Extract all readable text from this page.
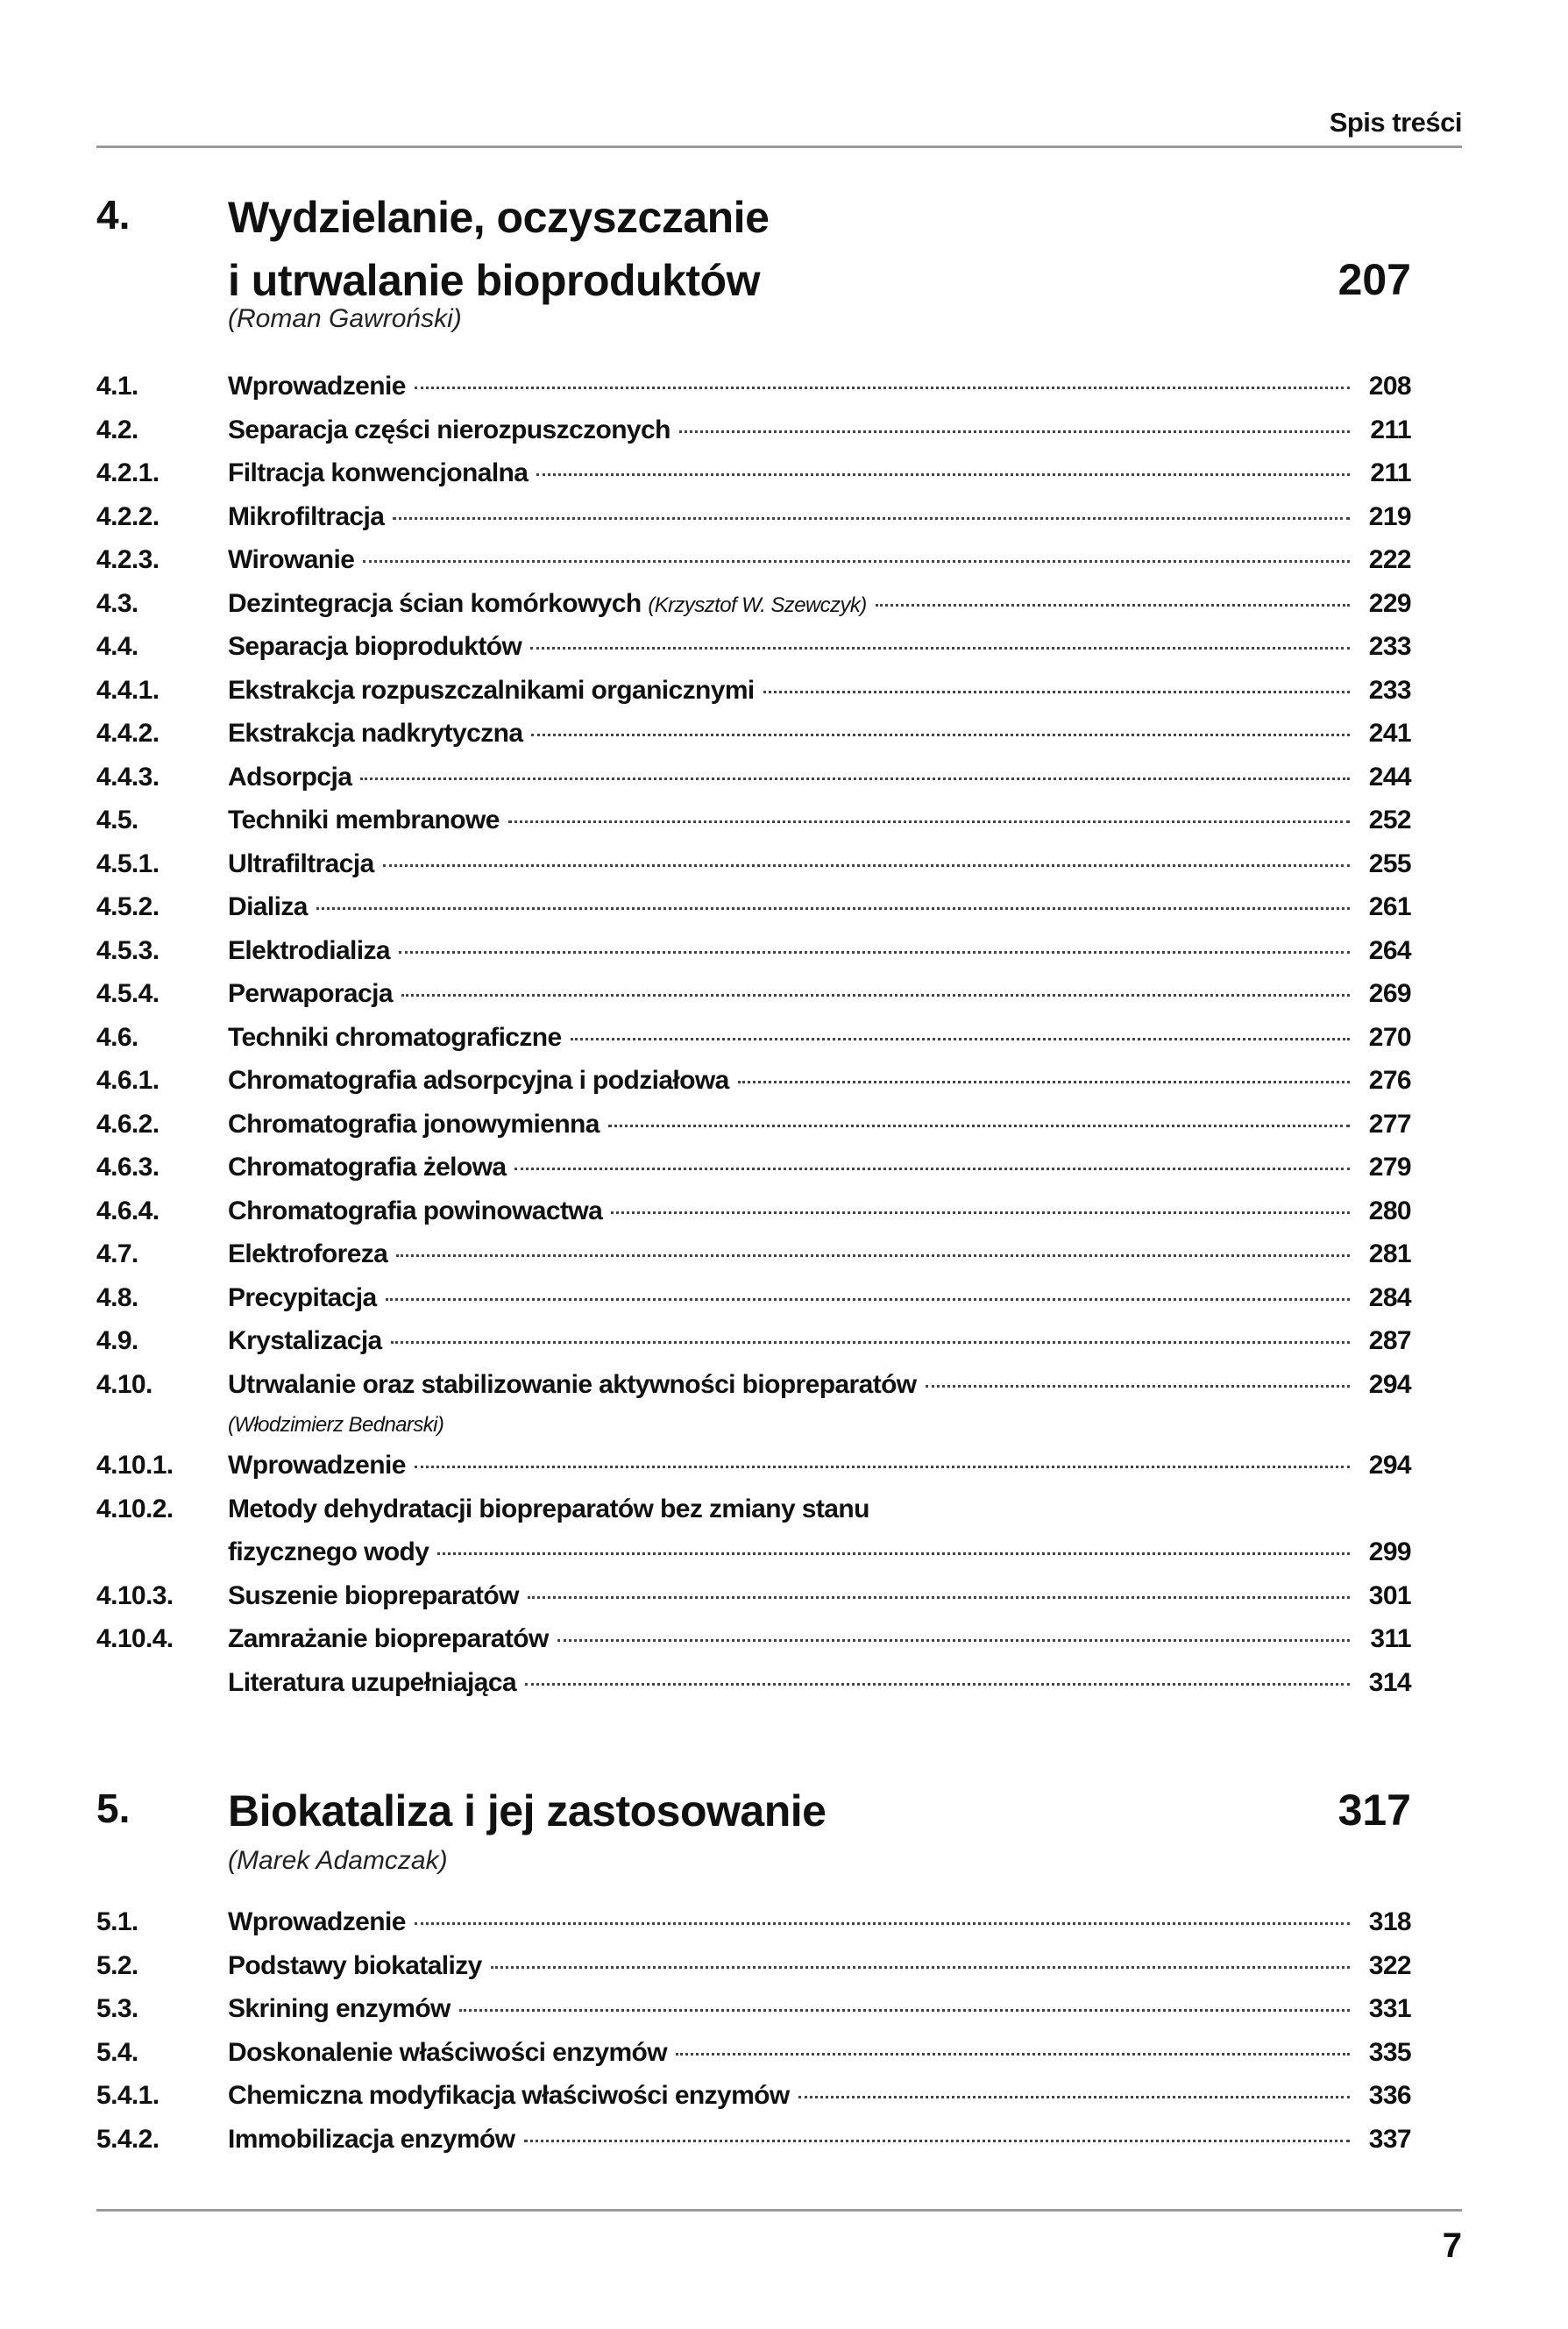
Spis treści
4. Wydzielanie, oczyszczanie
i utrwalanie bioproduktów	207
(Roman Gawroński)
4.1.	Wprowadzenie	208
4.2.	Separacja części nierozpuszczonych	211
4.2.1.	Filtracja konwencjonalna	211
4.2.2.	Mikrofiltracja	219
4.2.3.	Wirowanie	222
4.3.	Dezintegracja ścian komórkowych (Krzysztof W. Szewczyk)	229
4.4.	Separacja bioproduktów	233
4.4.1.	Ekstrakcja rozpuszczalnikami organicznymi	233
4.4.2.	Ekstrakcja nadkrytyczna	241
4.4.3.	Adsorpcja	244
4.5.	Techniki membranowe	252
4.5.1.	Ultrafiltracja	255
4.5.2.	Dializa	261
4.5.3.	Elektrodializa	264
4.5.4.	Perwaporacja	269
4.6.	Techniki chromatograficzne	270
4.6.1.	Chromatografia adsorpcyjna i podziałowa	276
4.6.2.	Chromatografia jonowymienna	277
4.6.3.	Chromatografia żelowa	279
4.6.4.	Chromatografia powinowactwa	280
4.7.	Elektroforeza	281
4.8.	Precypitacja	284
4.9.	Krystalizacja	287
4.10.	Utrwalanie oraz stabilizowanie aktywności biopreparatów	294
(Włodzimierz Bednarski)
4.10.1.	Wprowadzenie	294
4.10.2.	Metody dehydratacji biopreparatów bez zmiany stanu
fizycznego wody	299
4.10.3.	Suszenie biopreparatów	301
4.10.4.	Zamrażanie biopreparatów	311
Literatura uzupełniająca	314
5. Biokataliza i jej zastosowanie	317
(Marek Adamczak)
5.1.	Wprowadzenie	318
5.2.	Podstawy biokatalizy	322
5.3.	Skrining enzymów	331
5.4.	Doskonalenie właściwości enzymów	335
5.4.1.	Chemiczna modyfikacja właściwości enzymów	336
5.4.2.	Immobilizacja enzymów	337
7
